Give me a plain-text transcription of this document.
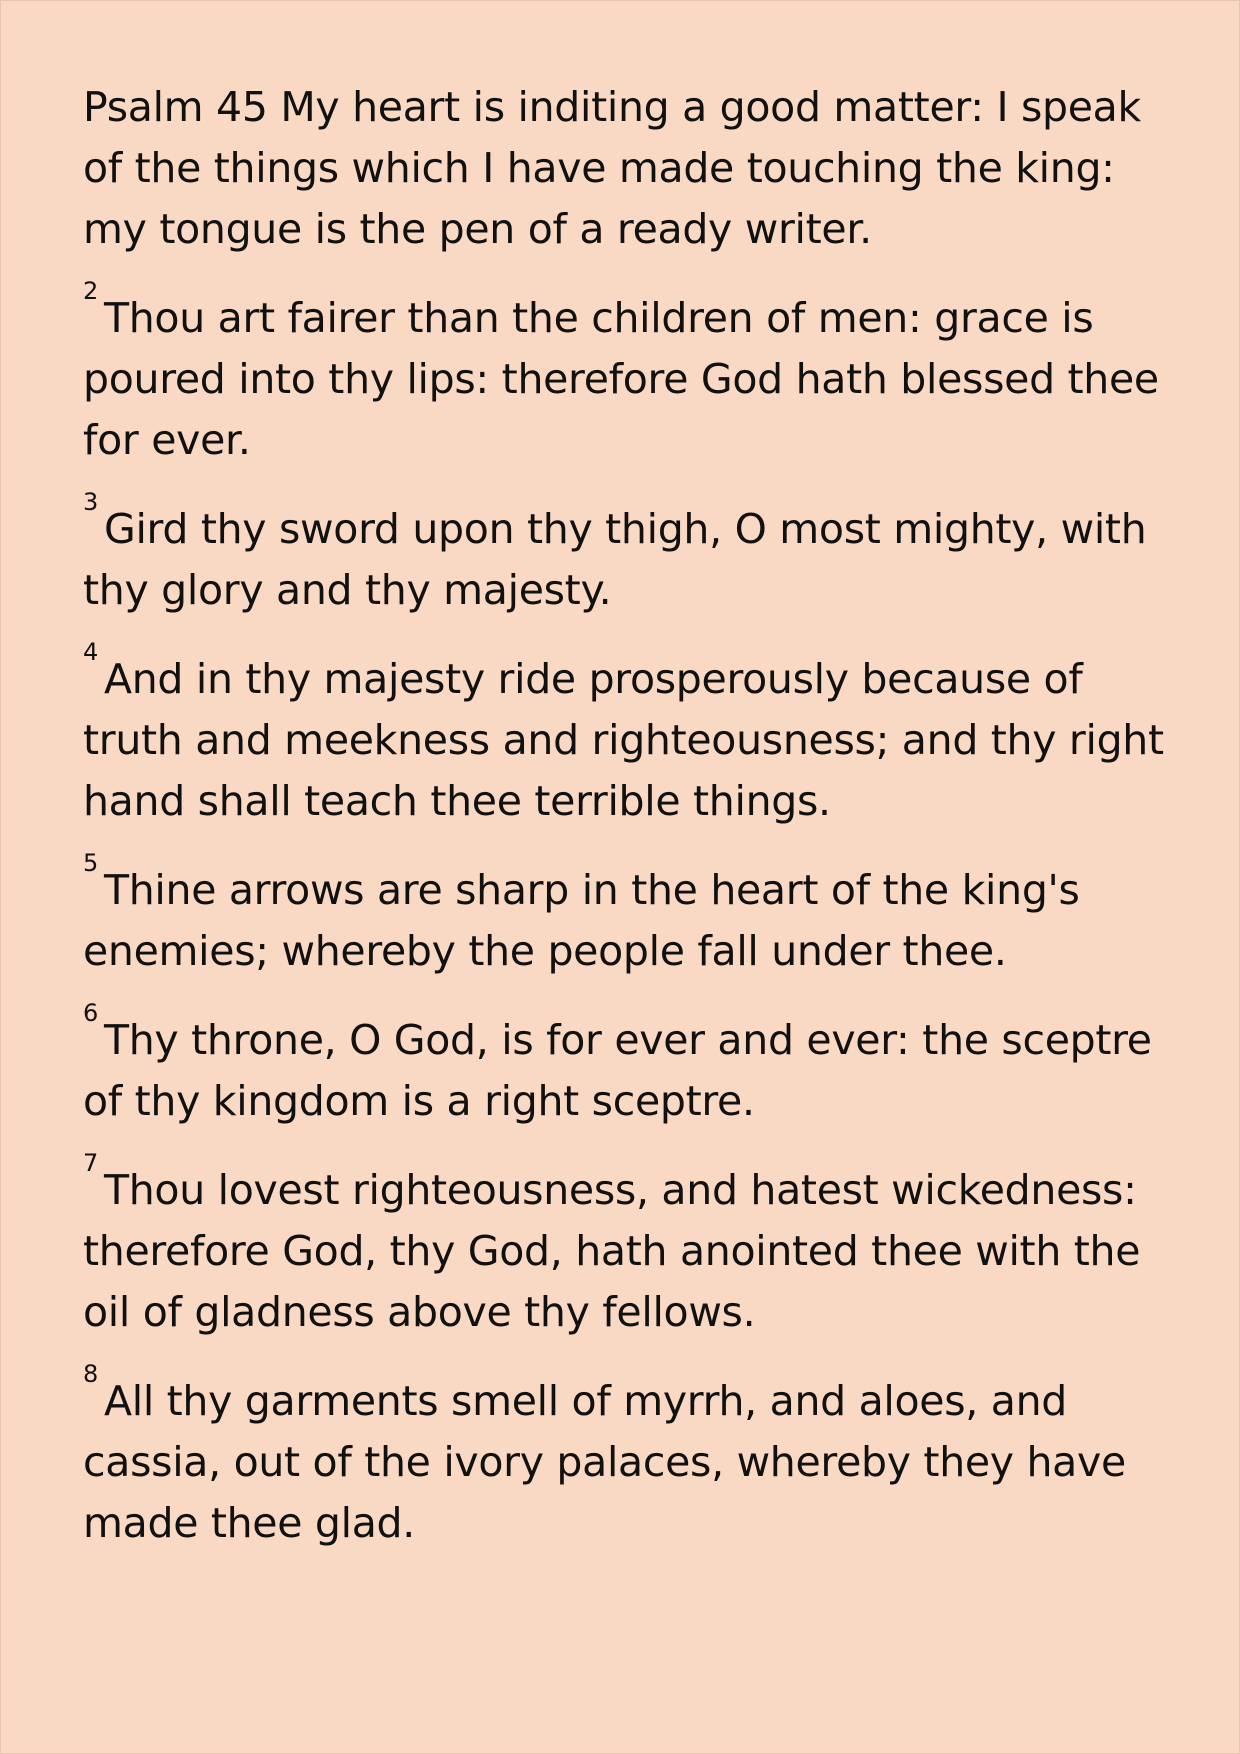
Psalm 45 My heart is inditing a good matter: I speak of the things which I have made touching the king: my tongue is the pen of a ready writer.

$^2$Thou art fairer than the children of men: grace is poured into thy lips: therefore God hath blessed thee for ever.

$^3$Gird thy sword upon thy thigh, O most mighty, with thy glory and thy majesty.

$^4$And in thy majesty ride prosperously because of truth and meekness and righteousness; and thy right hand shall teach thee terrible things.

$^5$Thine arrows are sharp in the heart of the king's enemies; whereby the people fall under thee.

$^6$Thy throne, O God, is for ever and ever: the sceptre of thy kingdom is a right sceptre.

$^7$Thou lovest righteousness, and hatest wickedness: therefore God, thy God, hath anointed thee with the oil of gladness above thy fellows.

$^8$All thy garments smell of myrrh, and aloes, and cassia, out of the ivory palaces, whereby they have made thee glad.
